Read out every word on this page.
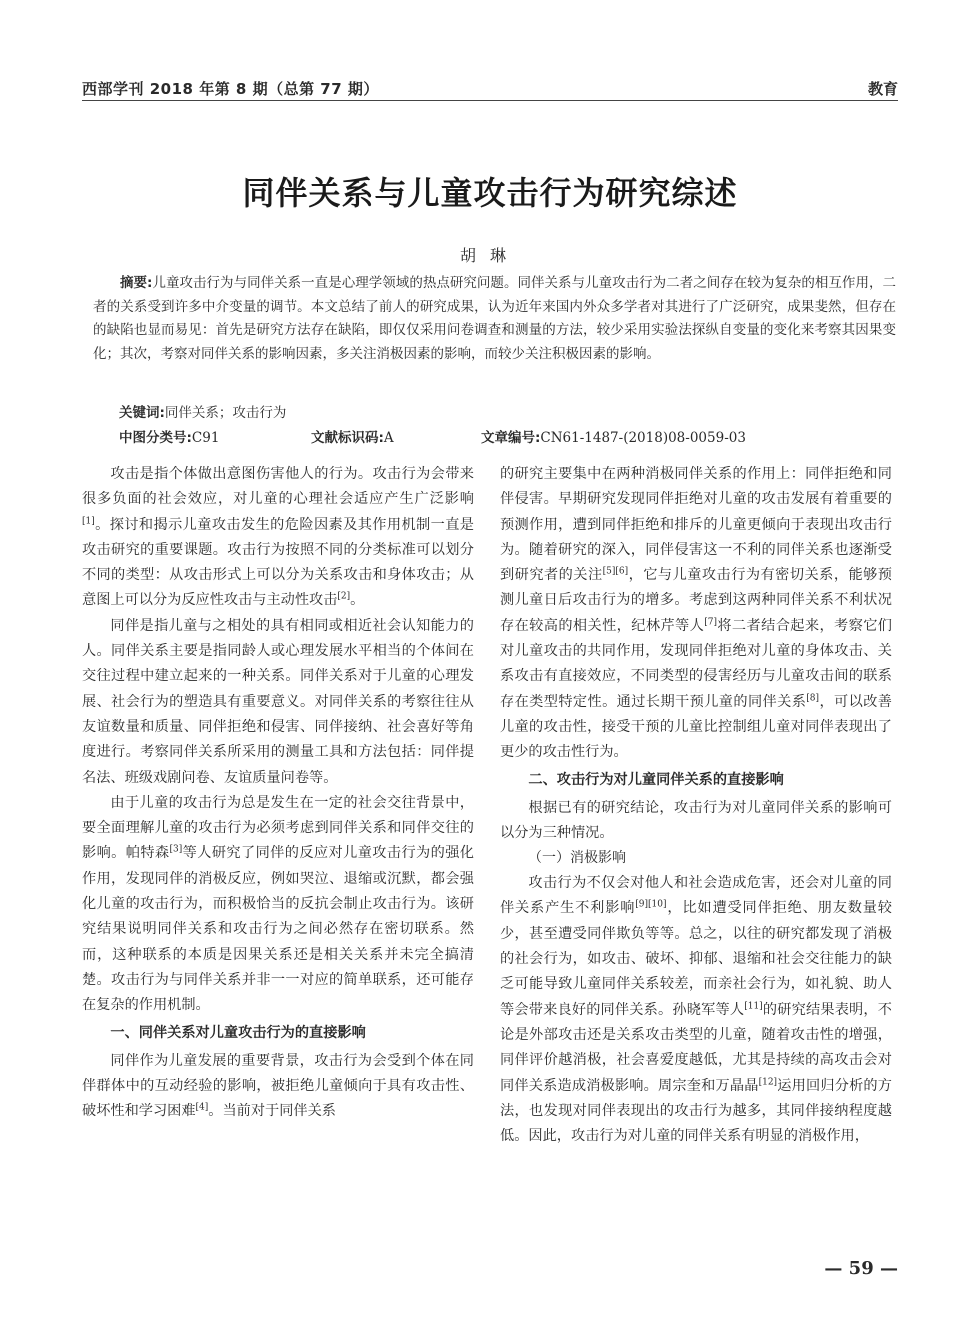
西部学刊 2018 年第 8 期（总第 77 期）	教育
同伴关系与儿童攻击行为研究综述
胡琳

摘要:儿童攻击行为与同伴关系一直是心理学领域的热点研究问题。同伴关系与儿童攻击行为二者之间存在较为复杂的相互作用，二者的关系受到许多中介变量的调节。本文总结了前人的研究成果，认为近年来国内外众多学者对其进行了广泛研究，成果斐然，但存在的缺陷也显而易见：首先是研究方法存在缺陷，即仅仅采用问卷调查和测量的方法，较少采用实验法探纵自变量的变化来考察其因果变化；其次，考察对同伴关系的影响因素，多关注消极因素的影响，而较少关注积极因素的影响。

关键词:同伴关系；攻击行为
中图分类号:C91	文献标识码:A	文章编号:CN61-1487-(2018)08-0059-03

攻击是指个体做出意图伤害他人的行为。攻击行为会带来很多负面的社会效应，对儿童的心理社会适应产生广泛影响[1]。探讨和揭示儿童攻击发生的危险因素及其作用机制一直是攻击研究的重要课题。攻击行为按照不同的分类标准可以划分不同的类型：从攻击形式上可以分为关系攻击和身体攻击；从意图上可以分为反应性攻击与主动性攻击[2]。

同伴是指儿童与之相处的具有相同或相近社会认知能力的人。同伴关系主要是指同龄人或心理发展水平相当的个体间在交往过程中建立起来的一种关系。同伴关系对于儿童的心理发展、社会行为的塑造具有重要意义。对同伴关系的考察往往从友谊数量和质量、同伴拒绝和侵害、同伴接纳、社会喜好等角度进行。考察同伴关系所采用的测量工具和方法包括：同伴提名法、班级戏剧问卷、友谊质量问卷等。

由于儿童的攻击行为总是发生在一定的社会交往背景中，要全面理解儿童的攻击行为必须考虑到同伴关系和同伴交往的影响。帕特森[3]等人研究了同伴的反应对儿童攻击行为的强化作用，发现同伴的消极反应，例如哭泣、退缩或沉默，都会强化儿童的攻击行为，而积极恰当的反抗会制止攻击行为。该研究结果说明同伴关系和攻击行为之间必然存在密切联系。然而，这种联系的本质是因果关系还是相关关系并未完全搞清楚。攻击行为与同伴关系并非一一对应的简单联系，还可能存在复杂的作用机制。

一、同伴关系对儿童攻击行为的直接影响

同伴作为儿童发展的重要背景，攻击行为会受到个体在同伴群体中的互动经验的影响，被拒绝儿童倾向于具有攻击性、破坏性和学习困难[4]。当前对于同伴关系

的研究主要集中在两种消极同伴关系的作用上：同伴拒绝和同伴侵害。早期研究发现同伴拒绝对儿童的攻击发展有着重要的预测作用，遭到同伴拒绝和排斥的儿童更倾向于表现出攻击行为。随着研究的深入，同伴侵害这一不利的同伴关系也逐渐受到研究者的关注[5][6]，它与儿童攻击行为有密切关系，能够预测儿童日后攻击行为的增多。考虑到这两种同伴关系不利状况存在较高的相关性，纪林芹等人[7]将二者结合起来，考察它们对儿童攻击的共同作用，发现同伴拒绝对儿童的身体攻击、关系攻击有直接效应，不同类型的侵害经历与儿童攻击间的联系存在类型特定性。通过长期干预儿童的同伴关系[8]，可以改善儿童的攻击性，接受干预的儿童比控制组儿童对同伴表现出了更少的攻击性行为。

二、攻击行为对儿童同伴关系的直接影响

根据已有的研究结论，攻击行为对儿童同伴关系的影响可以分为三种情况。

（一）消极影响

攻击行为不仅会对他人和社会造成危害，还会对儿童的同伴关系产生不利影响[9][10]，比如遭受同伴拒绝、朋友数量较少，甚至遭受同伴欺负等等。总之，以往的研究都发现了消极的社会行为，如攻击、破坏、抑郁、退缩和社会交往能力的缺乏可能导致儿童同伴关系较差，而亲社会行为，如礼貌、助人等会带来良好的同伴关系。孙晓军等人[11]的研究结果表明，不论是外部攻击还是关系攻击类型的儿童，随着攻击性的增强，同伴评价越消极，社会喜爱度越低，尤其是持续的高攻击会对同伴关系造成消极影响。周宗奎和万晶晶[12]运用回归分析的方法，也发现对同伴表现出的攻击行为越多，其同伴接纳程度越低。因此，攻击行为对儿童的同伴关系有明显的消极作用，

— 59 —
